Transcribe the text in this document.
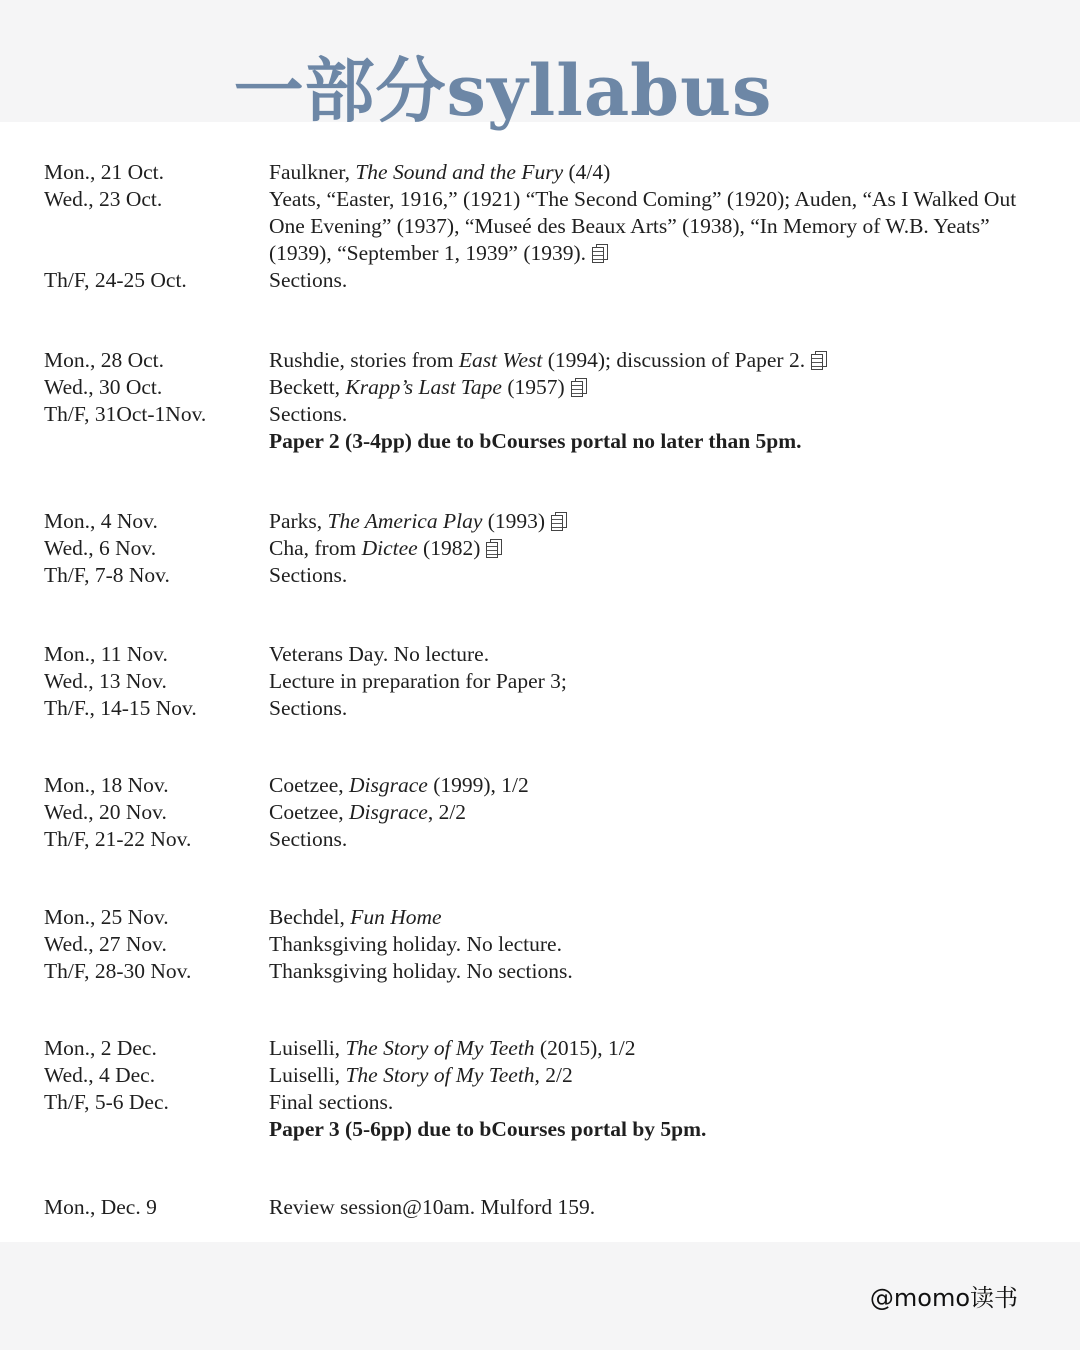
一部分syllabus
Mon., 21 Oct.
Wed., 23 Oct.

Th/F, 24-25 Oct.
Faulkner, The Sound and the Fury (4/4)
Yeats, “Easter, 1916,” (1921) “The Second Coming” (1920); Auden, “As I Walked Out One Evening” (1937), “Museé des Beaux Arts” (1938), “In Memory of W.B. Yeats” (1939), “September 1, 1939” (1939).
Sections.
Mon., 28 Oct.
Wed., 30 Oct.
Th/F, 31Oct-1Nov.
Rushdie, stories from East West (1994); discussion of Paper 2.
Beckett, Krapp’s Last Tape (1957)
Sections.
Paper 2 (3-4pp) due to bCourses portal no later than 5pm.
Mon., 4 Nov.
Wed., 6 Nov.
Th/F, 7-8 Nov.
Parks, The America Play (1993)
Cha, from Dictee (1982)
Sections.
Mon., 11 Nov.
Wed., 13 Nov.
Th/F., 14-15 Nov.
Veterans Day. No lecture.
Lecture in preparation for Paper 3;
Sections.
Mon., 18 Nov.
Wed., 20 Nov.
Th/F, 21-22 Nov.
Coetzee, Disgrace (1999), 1/2
Coetzee, Disgrace, 2/2
Sections.
Mon., 25 Nov.
Wed., 27 Nov.
Th/F, 28-30 Nov.
Bechdel, Fun Home
Thanksgiving holiday. No lecture.
Thanksgiving holiday. No sections.
Mon., 2 Dec.
Wed., 4 Dec.
Th/F, 5-6 Dec.
Luiselli, The Story of My Teeth (2015), 1/2
Luiselli, The Story of My Teeth, 2/2
Final sections.
Paper 3 (5-6pp) due to bCourses portal by 5pm.
Mon., Dec. 9	Review session@10am. Mulford 159.
@momo读书
